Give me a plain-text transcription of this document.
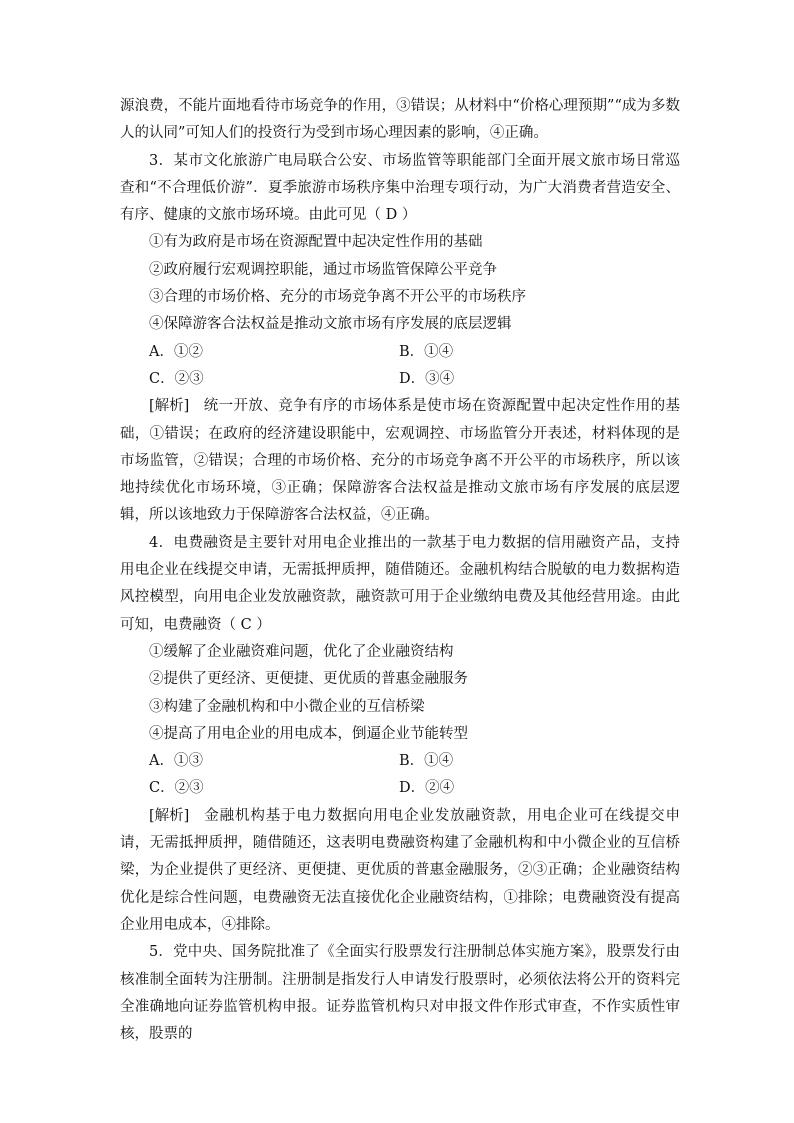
源浪费，不能片面地看待市场竞争的作用，③错误；从材料中“价格心理预期”“成为多数人的认同”可知人们的投资行为受到市场心理因素的影响，④正确。

3．某市文化旅游广电局联合公安、市场监管等职能部门全面开展文旅市场日常巡查和“不合理低价游”．夏季旅游市场秩序集中治理专项行动，为广大消费者营造安全、有序、健康的文旅市场环境。由此可见（ D ）

①有为政府是市场在资源配置中起决定性作用的基础

②政府履行宏观调控职能，通过市场监管保障公平竞争

③合理的市场价格、充分的市场竞争离不开公平的市场秩序

④保障游客合法权益是推动文旅市场有序发展的底层逻辑

A．①②	B．①④
C．②③	D．③④

[解析] 统一开放、竞争有序的市场体系是使市场在资源配置中起决定性作用的基础，①错误；在政府的经济建设职能中，宏观调控、市场监管分开表述，材料体现的是市场监管，②错误；合理的市场价格、充分的市场竞争离不开公平的市场秩序，所以该地持续优化市场环境，③正确；保障游客合法权益是推动文旅市场有序发展的底层逻辑，所以该地致力于保障游客合法权益，④正确。

4．电费融资是主要针对用电企业推出的一款基于电力数据的信用融资产品，支持用电企业在线提交申请，无需抵押质押，随借随还。金融机构结合脱敏的电力数据构造风控模型，向用电企业发放融资款，融资款可用于企业缴纳电费及其他经营用途。由此可知，电费融资（ C ）

①缓解了企业融资难问题，优化了企业融资结构

②提供了更经济、更便捷、更优质的普惠金融服务

③构建了金融机构和中小微企业的互信桥梁

④提高了用电企业的用电成本，倒逼企业节能转型

A．①③	B．①④
C．②③	D．②④

[解析] 金融机构基于电力数据向用电企业发放融资款，用电企业可在线提交申请，无需抵押质押，随借随还，这表明电费融资构建了金融机构和中小微企业的互信桥梁，为企业提供了更经济、更便捷、更优质的普惠金融服务，②③正确；企业融资结构优化是综合性问题，电费融资无法直接优化企业融资结构，①排除；电费融资没有提高企业用电成本，④排除。

5．党中央、国务院批准了《全面实行股票发行注册制总体实施方案》，股票发行由核准制全面转为注册制。注册制是指发行人申请发行股票时，必须依法将公开的资料完全准确地向证券监管机构申报。证券监管机构只对申报文件作形式审查，不作实质性审核，股票的
